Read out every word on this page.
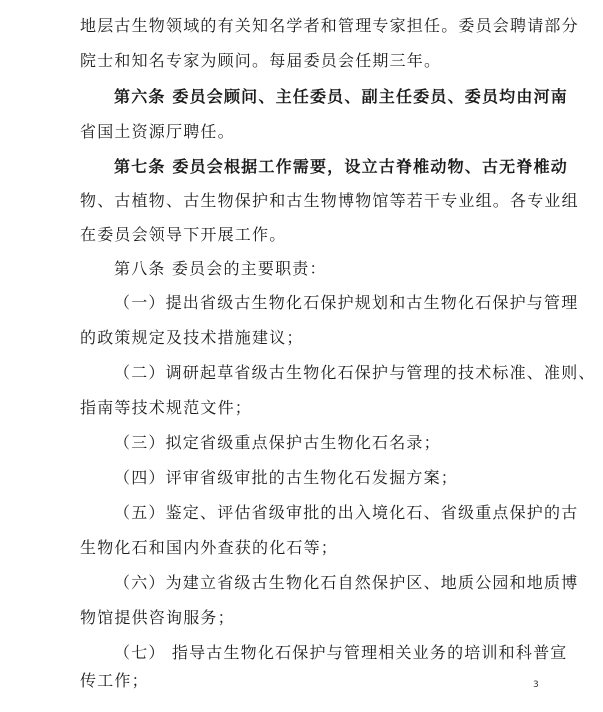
地层古生物领域的有关知名学者和管理专家担任。委员会聘请部分
院士和知名专家为顾问。每届委员会任期三年。
第六条 委员会顾问、主任委员、副主任委员、委员均由河南
省国土资源厅聘任。
第七条 委员会根据工作需要，设立古脊椎动物、古无脊椎动
物、古植物、古生物保护和古生物博物馆等若干专业组。各专业组
在委员会领导下开展工作。
第八条 委员会的主要职责：
（一）提出省级古生物化石保护规划和古生物化石保护与管理
的政策规定及技术措施建议；
（二）调研起草省级古生物化石保护与管理的技术标准、准则、
指南等技术规范文件；
（三）拟定省级重点保护古生物化石名录；
（四）评审省级审批的古生物化石发掘方案；
（五）鉴定、评估省级审批的出入境化石、省级重点保护的古
生物化石和国内外查获的化石等；
（六）为建立省级古生物化石自然保护区、地质公园和地质博
物馆提供咨询服务；
（七） 指导古生物化石保护与管理相关业务的培训和科普宣
传工作；	3
